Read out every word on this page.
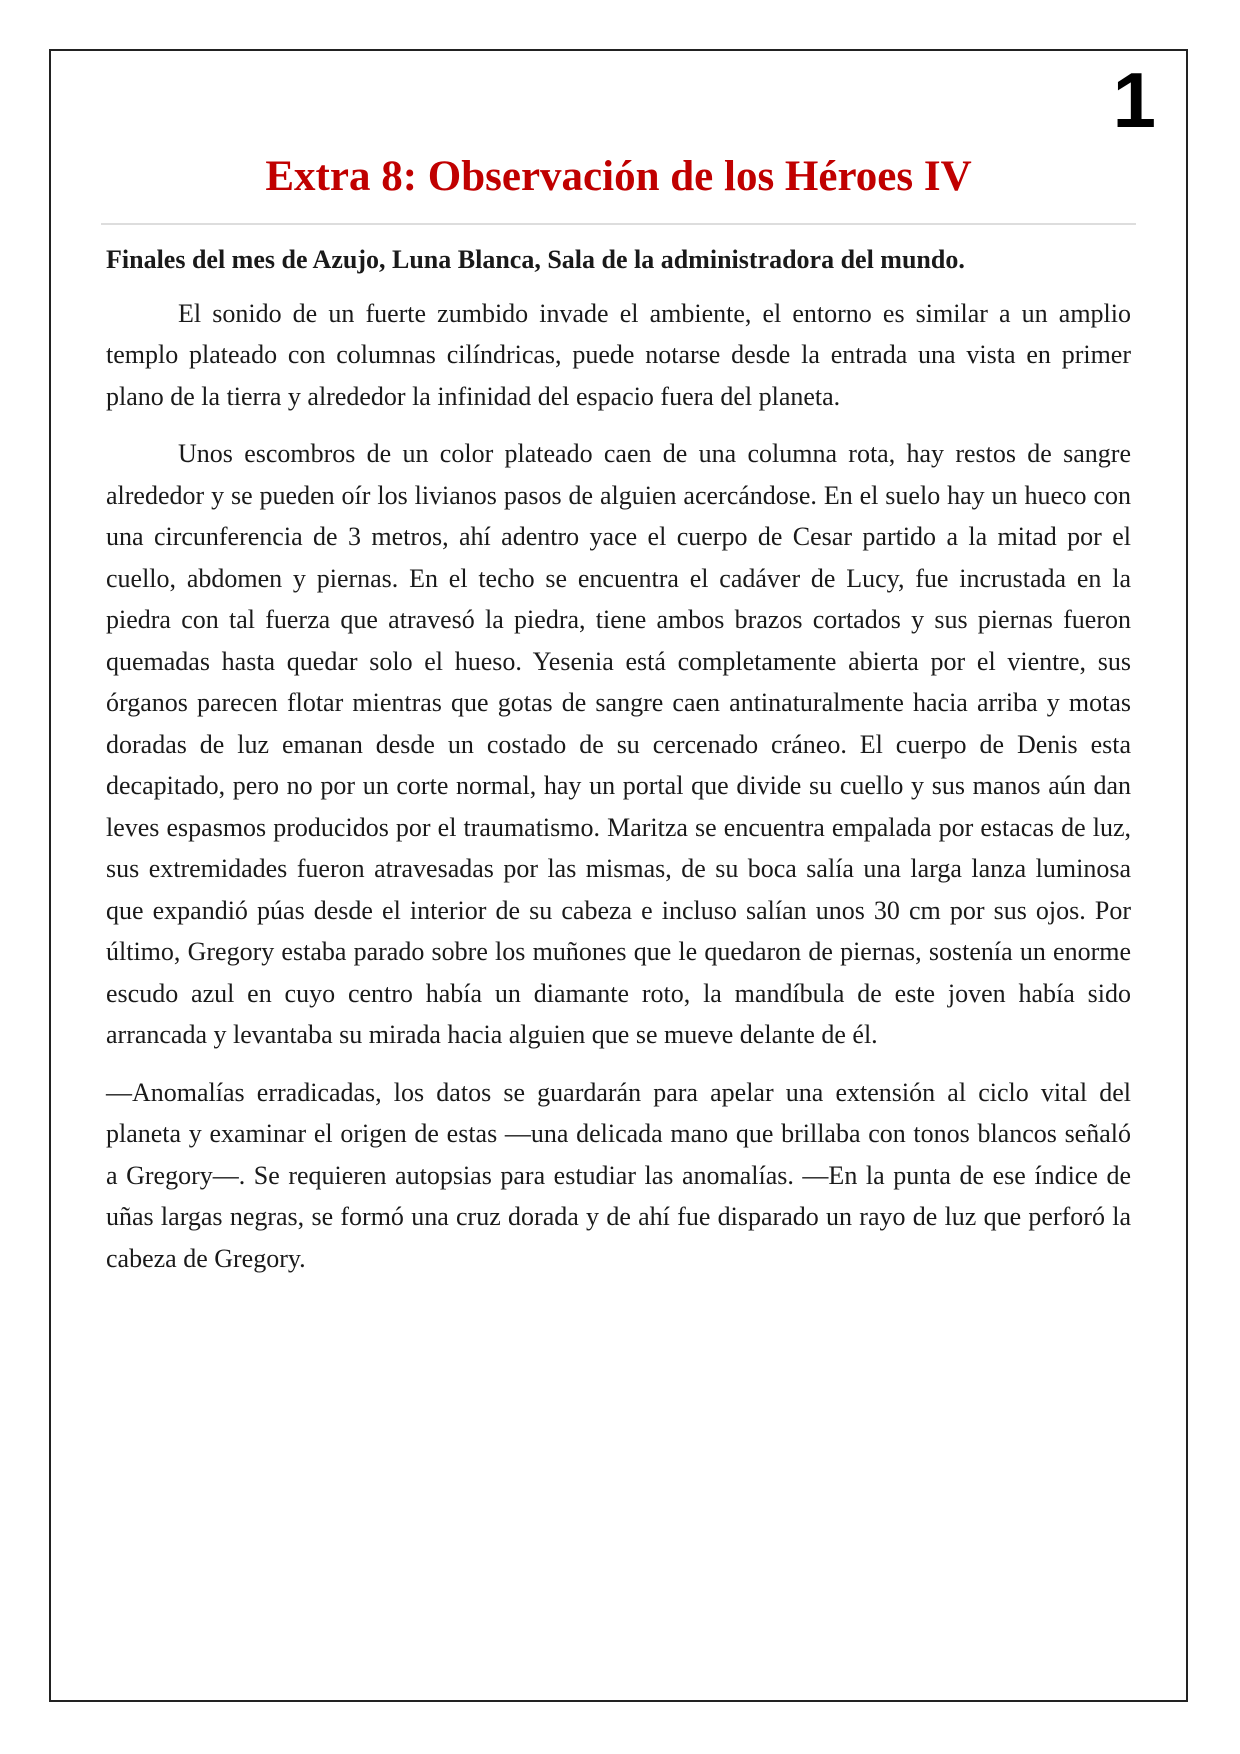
1
Extra 8: Observación de los Héroes IV

Finales del mes de Azujo, Luna Blanca, Sala de la administradora del mundo.

El sonido de un fuerte zumbido invade el ambiente, el entorno es similar a un amplio templo plateado con columnas cilíndricas, puede notarse desde la entrada una vista en primer plano de la tierra y alrededor la infinidad del espacio fuera del planeta.

Unos escombros de un color plateado caen de una columna rota, hay restos de sangre alrededor y se pueden oír los livianos pasos de alguien acercándose. En el suelo hay un hueco con una circunferencia de 3 metros, ahí adentro yace el cuerpo de Cesar partido a la mitad por el cuello, abdomen y piernas. En el techo se encuentra el cadáver de Lucy, fue incrustada en la piedra con tal fuerza que atravesó la piedra, tiene ambos brazos cortados y sus piernas fueron quemadas hasta quedar solo el hueso. Yesenia está completamente abierta por el vientre, sus órganos parecen flotar mientras que gotas de sangre caen antinaturalmente hacia arriba y motas doradas de luz emanan desde un costado de su cercenado cráneo. El cuerpo de Denis esta decapitado, pero no por un corte normal, hay un portal que divide su cuello y sus manos aún dan leves espasmos producidos por el traumatismo. Maritza se encuentra empalada por estacas de luz, sus extremidades fueron atravesadas por las mismas, de su boca salía una larga lanza luminosa que expandió púas desde el interior de su cabeza e incluso salían unos 30 cm por sus ojos. Por último, Gregory estaba parado sobre los muñones que le quedaron de piernas, sostenía un enorme escudo azul en cuyo centro había un diamante roto, la mandíbula de este joven había sido arrancada y levantaba su mirada hacia alguien que se mueve delante de él.

—Anomalías erradicadas, los datos se guardarán para apelar una extensión al ciclo vital del planeta y examinar el origen de estas —una delicada mano que brillaba con tonos blancos señaló a Gregory—. Se requieren autopsias para estudiar las anomalías. —En la punta de ese índice de uñas largas negras, se formó una cruz dorada y de ahí fue disparado un rayo de luz que perforó la cabeza de Gregory.
